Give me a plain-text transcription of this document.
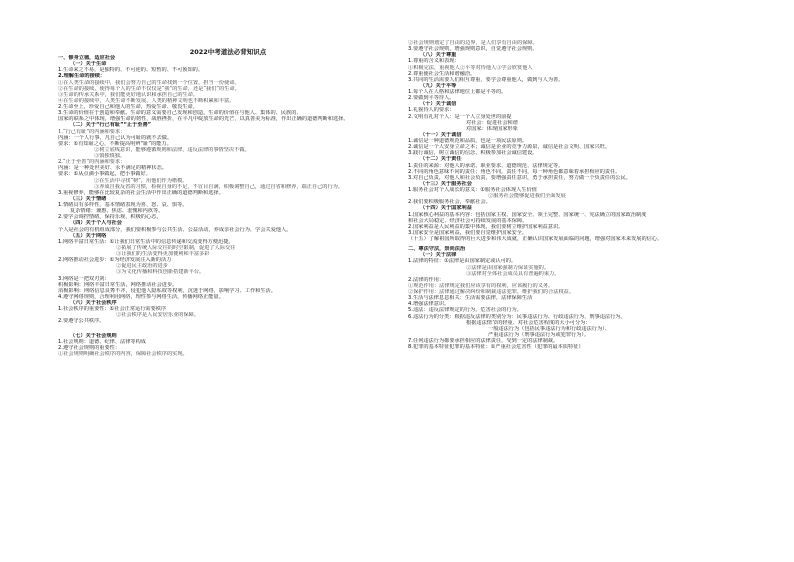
2022中考道法必背知识点
一、修身立德，适应社会
（一）关于生命
1.生命来之不易，是独特的、不可逆的、短暂的、不可预知的。
2.理解生命的接续：
①在人类生命的接续中，我们会努力自己的生命找到一个位置，担当一份使命。
②在生命的接续，使得每个人的生命不仅仅是“我”的生命，还是“我们”的生命。
③生命的传承关系中，我们能更好地认识和承担自己的生命。
④在生命的接续中，人类生命不断发展，人类的精神文明也不断积累和丰富。
2.生命至上，珍爱自己和他人的生命，热爱生命、敬畏生命。
3.生命的价值在于创造和奉献。生命的意义需要自己发现和创造。生命的价值在与他人、集体的、民族的、
国家的联系之中体现，增强生命的韧性，战胜挫折，在平凡中绽放生命的光芒，以真善美为标准，作出正确的道德判断和选择。
（二）关于“行己有耻”“止于至善”
1.“行己有耻”的内涵和要求：
内涵：一个人行事，凡自己认为可耻的就不去做。
要求：①有知耻之心，不断提高明辨“耻”的能力。
②树立底线意识，能够遵循规则和法律，违反法律的事情坚决不做。
③慎独慎独。
2.“止于至善”的内涵和要求：
内涵：是一种处世美好、永不满足的精神状态。
要求：①从点滴小事做起，把小事做好。
②在生活中寻找“榜”，用他们作为楷模。
③养成自我反省的习惯，检视自身的不足，不盲目自满，积极调整自己，通过自省和修养，端正自己的行为。
3.重视修养，能够在比较复杂的社会生活中作出正确的道德判断和选择。
（三）关于情绪
1.情绪具有多样性，基本情绪表现为喜、怒、哀、惧等。
复杂情绪：兼惠、焦虑、羞愧和内疚等。
2.要学会调控情绪，保持乐观，积极的心态。
（四）关于个人与社会
个人是社会的有机组成部分，我们要积极参与公共生活、公益活动，养成亲社会行为，学会关爱他人。
（五）关于网络
1.网络丰富日常生活：①让我们日常生活中的信息传递和交流变得方便迅捷。
②拓展了传统人际交往的时空限制，促进了人际交往
③让我们的生活变得更加便利和丰富多彩
2.网络推动社会进步：①为经济发展注入新的活力
②促进民主政治的进步
③为文化传播和科技创新搭建新平台。
3.网络是一把双刃剑：
积极影响：网络丰富日常生活，网络推动社会进步。
消极影响：网络信息良莠不齐，侵犯他人隐私权等权利，沉迷于网络，影响学习、工作和生活。
4.遵守网络规则，合理利用网络，理性参与网络生活，传播网络正能量。
（六）关于社会秩序
1.社会秩序的重要性：①社会正常运行需要秩序
②社会秩序是人民安居乐业的保障。
2.要遵守公共秩序。
（七）关于社会规则
1.社会规则：道德、纪律、法律等构成
2.遵守社会规则的重要性：
①社会规则明确社会秩序的内容，保障社会秩序的实现。
②社会规则划定了自由的边界，是人们享有自由的保障。
3.要遵守社会规则，增强规则意识，自觉遵守社会规则。
（八）关于尊重
1.尊重的含义和表现：
①积极完法，重视他人②平等对待他人③学会欣赏他人
2.尊重使社会生活和谐融洽。
3.共同的生活需要人们相互尊重，要学会尊重他人，做到与人为善。
（九）关于平等
1.每个人在人格和法律地位上都是平等的。
2.要做到平等待人。
（十）关于诚信
1.礼貌待人的要求：
2.文明有礼对个人：是一个人立身处世的前提
对社会：促进社会和谐
对国家：体现国家形象
（十一）关于诚信
1.诚信是一种道德规范和品质，也是一项民法原则。
2.诚信是一个人安身立命之本；诚信是企业的竞争力源泉，诚信是社会文明、国家兴旺。
3.践行诚信，树立诚信的信念，积极参加社会诚信建设。
（十二）关于责任
1.责任的来源：对他人的承诺、职业要求、道德规范、法律规定等。
2.不同的角色意味不同的责任；角色不同，责任不同，每一种角色都意味着承担相应的责任。
3.对自己负责，对他人和社会负责，要增强责任意识，勇于承担责任，努力做一个负责任的公民。
（十三）关于服务社会
1.服务社会对个人成长的意义：①服务社会体现人生价值
②服务社会能够促进我们全面发展
2.我们要积极服务社会，奉献社会。
（十四）关于国家利益
1.国家核心利益的基本内容：包括国家主权、国家安全、领土完整、国家统一、宪法确立的国家政治制度
和社会大局稳定、经济社会可持续发展的基本保障。
2.国家利益是人民利益的集中体现，我们要树立维护国家利益意识。
3.国家安全是国家利益，我们要自觉维护国家安全。
（十五）了解祖国所取得的巨大进步和伟大成就，正确认识国家发展面临的问题，增强对国家未来发展的信心。
二、尊法守法，崇尚法治
（一）关于法律
1.法律的特征：①法律是由国家制定或认可的。
②法律是由国家强制力保证实施的。
③法律对全体社会成员具有普遍约束力。
2.法律的作用：
①规范作用：法律规定我们应该享有的权利，应该履行的义务。
②保护作用：法律通过解决纠纷和制裁违法犯罪，维护我们的合法权益。
3.生活与法律息息相关：生活需要法律，法律保障生活
4.增强法律意识。
5.违法：违反法律规定的行为，危害社会的行为。
6.违法行为的分类：根据违反法律的类别分为：民事违法行为、行政违法行为、刑事违法行为。
根据违法情节的轻重、对社会危害程度的大小可分为：
一般违法行为（包括民事违法行为和行政违法行为）、
严重违法行为（刑事违法行为或犯罪行为）。
7.任何违法行为都要承担相应的法律责任，受到一定的法律制裁。
8.犯罪的基本特征犯罪的基本特征：①严重社会危害性（犯罪的最本质特征）
